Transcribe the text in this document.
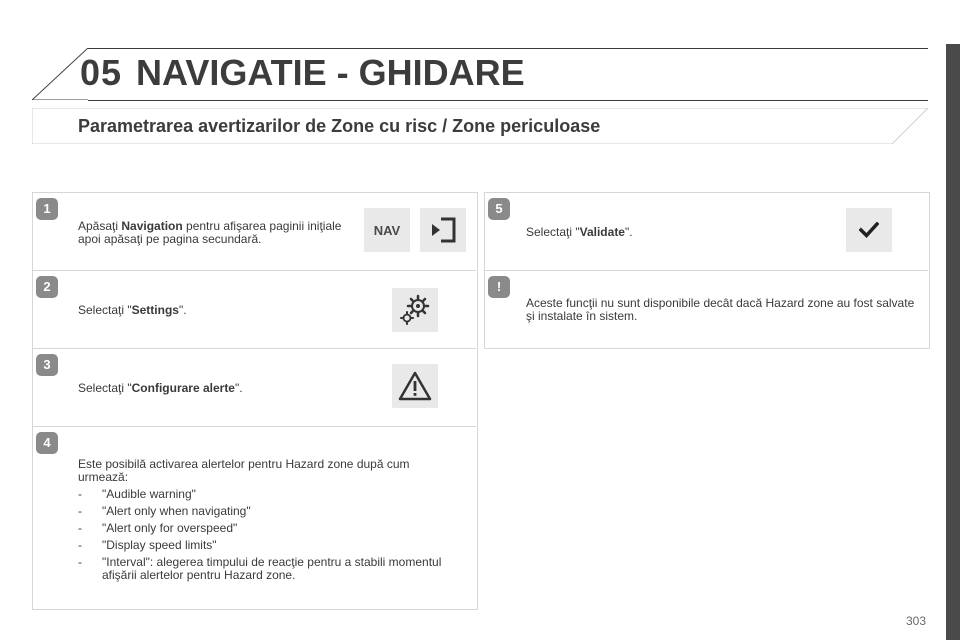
05 NAVIGATIE - GHIDARE
Parametrarea avertizarilor de Zone cu risc / Zone periculoase
1
Apăsaţi Navigation pentru afişarea paginii iniţiale apoi apăsaţi pe pagina secundară.
NAV
2
Selectaţi "Settings".
3
Selectaţi "Configurare alerte".
4
Este posibilă activarea alertelor pentru Hazard zone după cum urmează:
- "Audible warning"
- "Alert only when navigating"
- "Alert only for overspeed"
- "Display speed limits"
- "Interval": alegerea timpului de reacţie pentru a stabili momentul afişării alertelor pentru Hazard zone.
5
Selectaţi "Validate".
!
Aceste funcţii nu sunt disponibile decât dacă Hazard zone au fost salvate şi instalate în sistem.
303
